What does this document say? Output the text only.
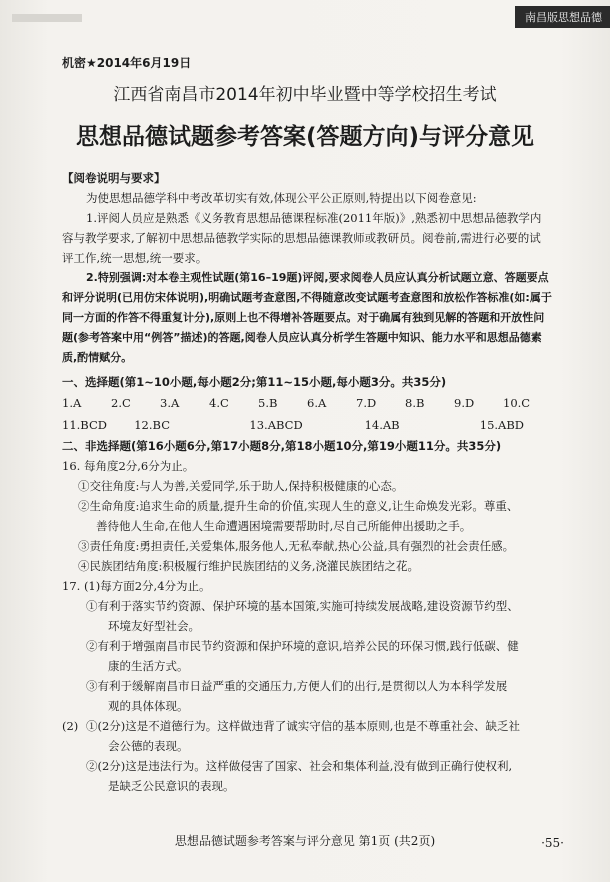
南昌版思想品德
机密★2014年6月19日
江西省南昌市2014年初中毕业暨中等学校招生考试
思想品德试题参考答案(答题方向)与评分意见

【阅卷说明与要求】

为使思想品德学科中考改革切实有效,体现公平公正原则,特提出以下阅卷意见:

1.评阅人员应是熟悉《义务教育思想品德课程标准(2011年版)》,熟悉初中思想品德教学内容与教学要求,了解初中思想品德教学实际的思想品德课教师或教研员。阅卷前,需进行必要的试评工作,统一思想,统一要求。

2.特别强调:对本卷主观性试题(第16–19题)评阅,要求阅卷人员应认真分析试题立意、答题要点和评分说明(已用仿宋体说明),明确试题考查意图,不得随意改变试题考查意图和放松作答标准(如:属于同一方面的作答不得重复计分),原则上也不得增补答题要点。对于确属有独到见解的答题和开放性问题(参考答案中用“例答”描述)的答题,阅卷人员应认真分析学生答题中知识、能力水平和思想品德素质,酌情赋分。

一、选择题(第1~10小题,每小题2分;第11~15小题,每小题3分。共35分)

1.A	2.C	3.A	4.C	5.B	6.A	7.D	8.B	9.D	10.C
11.BCD	12.BC	13.ABCD	14.AB	15.ABD

二、非选择题(第16小题6分,第17小题8分,第18小题10分,第19小题11分。共35分)

16. 每角度2分,6分为止。

①交往角度:与人为善,关爱同学,乐于助人,保持积极健康的心态。
②生命角度:追求生命的质量,提升生命的价值,实现人生的意义,让生命焕发光彩。尊重、
善待他人生命,在他人生命遭遇困境需要帮助时,尽自己所能伸出援助之手。
③责任角度:勇担责任,关爱集体,服务他人,无私奉献,热心公益,具有强烈的社会责任感。
④民族团结角度:积极履行维护民族团结的义务,浇灌民族团结之花。

17. (1)每方面2分,4分为止。

①有利于落实节约资源、保护环境的基本国策,实施可持续发展战略,建设资源节约型、
环境友好型社会。
②有利于增强南昌市民节约资源和保护环境的意识,培养公民的环保习惯,践行低碳、健
康的生活方式。
③有利于缓解南昌市日益严重的交通压力,方便人们的出行,是贯彻以人为本科学发展
观的具体体现。
(2) ①(2分)这是不道德行为。这样做违背了诚实守信的基本原则,也是不尊重社会、缺乏社
会公德的表现。
②(2分)这是违法行为。这样做侵害了国家、社会和集体利益,没有做到正确行使权利,
是缺乏公民意识的表现。
思想品德试题参考答案与评分意见 第1页 (共2页)	·55·
